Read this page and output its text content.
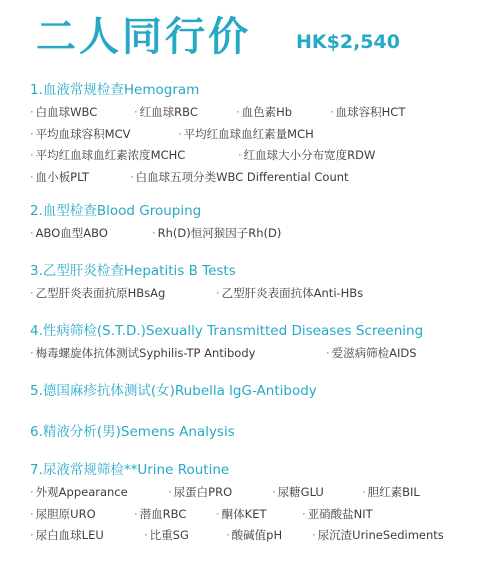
二人同行价 HK$2,540
1.血液常规检查Hemogram
· 白血球WBC	· 红血球RBC	· 血色素Hb	· 血球容积HCT
· 平均血球容积MCV	· 平均红血球血红素量MCH
· 平均红血球血红素浓度MCHC	· 红血球大小分布宽度RDW
· 血小板PLT	· 白血球五项分类WBC Differential Count
2.血型检查Blood Grouping
· ABO血型ABO	· Rh(D)恒河猴因子Rh(D)
3.乙型肝炎检查Hepatitis B Tests
· 乙型肝炎表面抗原HBsAg	· 乙型肝炎表面抗体Anti-HBs
4.性病筛检(S.T.D.)Sexually Transmitted Diseases Screening
· 梅毒螺旋体抗体测试Syphilis-TP Antibody	· 爱滋病筛检AIDS
5.德国麻疹抗体测试(女)Rubella lgG-Antibody
6.精液分析(男)Semens Analysis
7.尿液常规筛检**Urine Routine
· 外观Appearance	· 尿蛋白PRO	· 尿糖GLU	· 胆红素BIL
· 尿胆原URO	· 潜血RBC	· 酮体KET	· 亚硝酸盐NIT
· 尿白血球LEU	· 比重SG	· 酸碱值pH	· 尿沉渣UrineSediments
